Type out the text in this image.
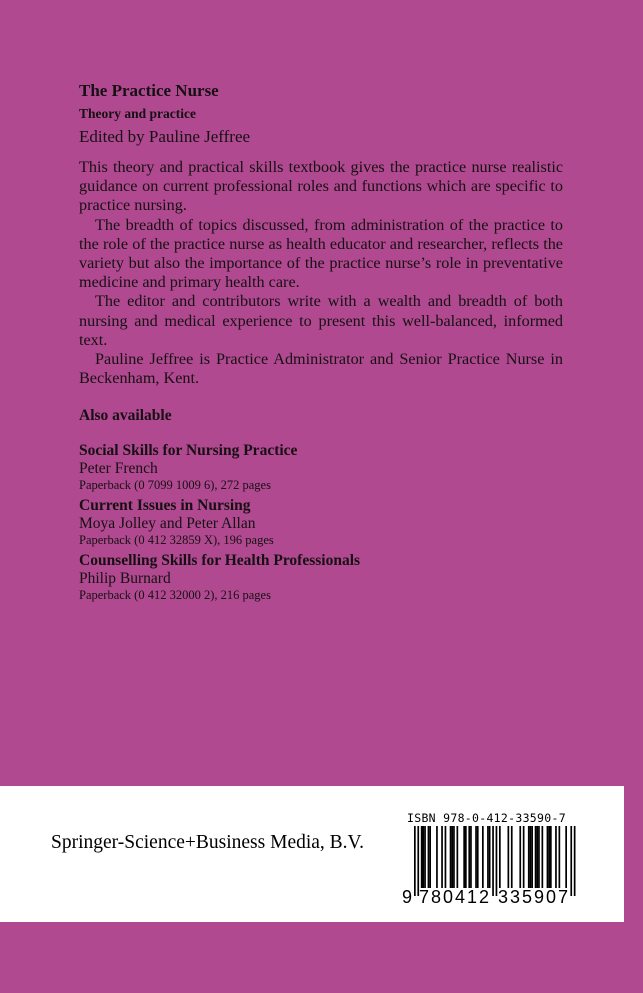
The Practice Nurse
Theory and practice
Edited by Pauline Jeffree

This theory and practical skills textbook gives the practice nurse realistic guidance on current professional roles and functions which are specific to practice nursing.

The breadth of topics discussed, from administration of the practice to the role of the practice nurse as health educator and researcher, reflects the variety but also the importance of the practice nurse’s role in preventative medicine and primary health care.

The editor and contributors write with a wealth and breadth of both nursing and medical experience to present this well-balanced, informed text.

Pauline Jeffree is Practice Administrator and Senior Practice Nurse in Beckenham, Kent.

Also available
Social Skills for Nursing Practice
Peter French
Paperback (0 7099 1009 6), 272 pages
Current Issues in Nursing
Moya Jolley and Peter Allan
Paperback (0 412 32859 X), 196 pages
Counselling Skills for Health Professionals
Philip Burnard
Paperback (0 412 32000 2), 216 pages
Springer-Science+Business Media, B.V.
ISBN 978-0-412-33590-7
9 7 8 0 4 1 2 3 3 5 9 0 7
